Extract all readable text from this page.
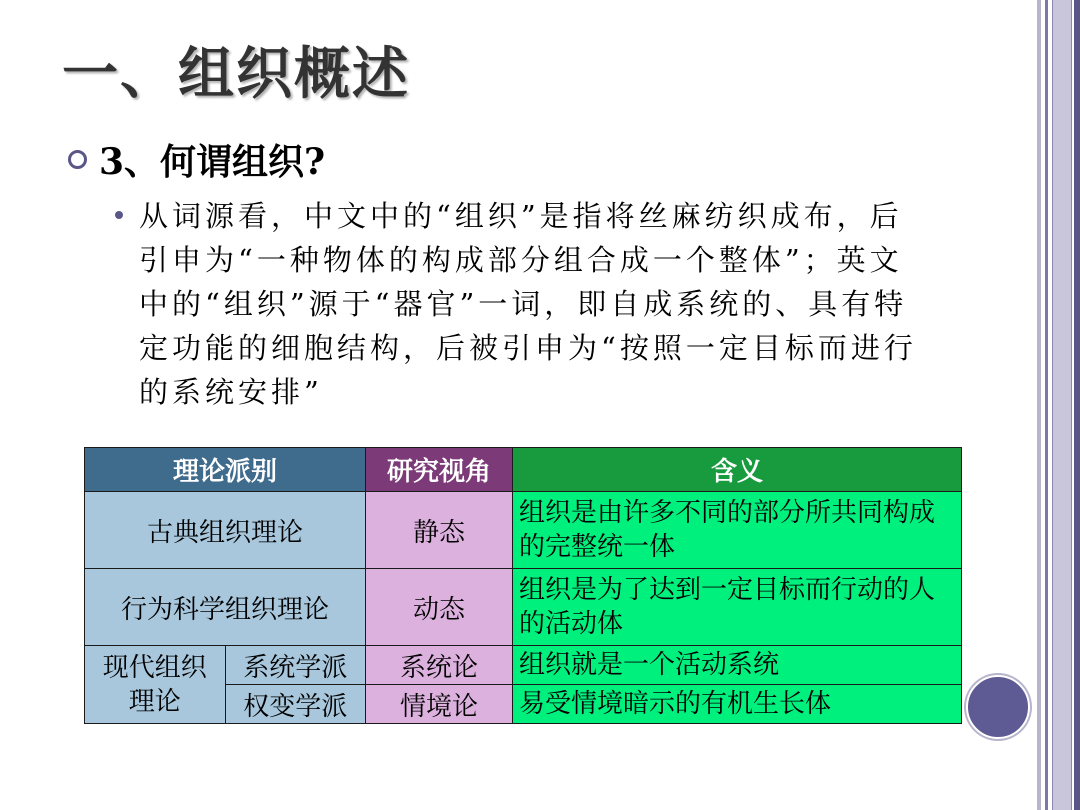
一、组织概述
3、何谓组织?
从词源看，中文中的“组织”是指将丝麻纺织成布，后引申为“一种物体的构成部分组合成一个整体”；英文中的“组织”源于“器官”一词，即自成系统的、具有特定功能的细胞结构，后被引申为“按照一定目标而进行的系统安排”
理论派别		研究视角	含义
古典组织理论		静态	组织是由许多不同的部分所共同构成的完整统一体
行为科学组织理论		动态	组织是为了达到一定目标而行动的人的活动体
现代组织理论	系统学派	系统论	组织就是一个活动系统
	权变学派	情境论	易受情境暗示的有机生长体
